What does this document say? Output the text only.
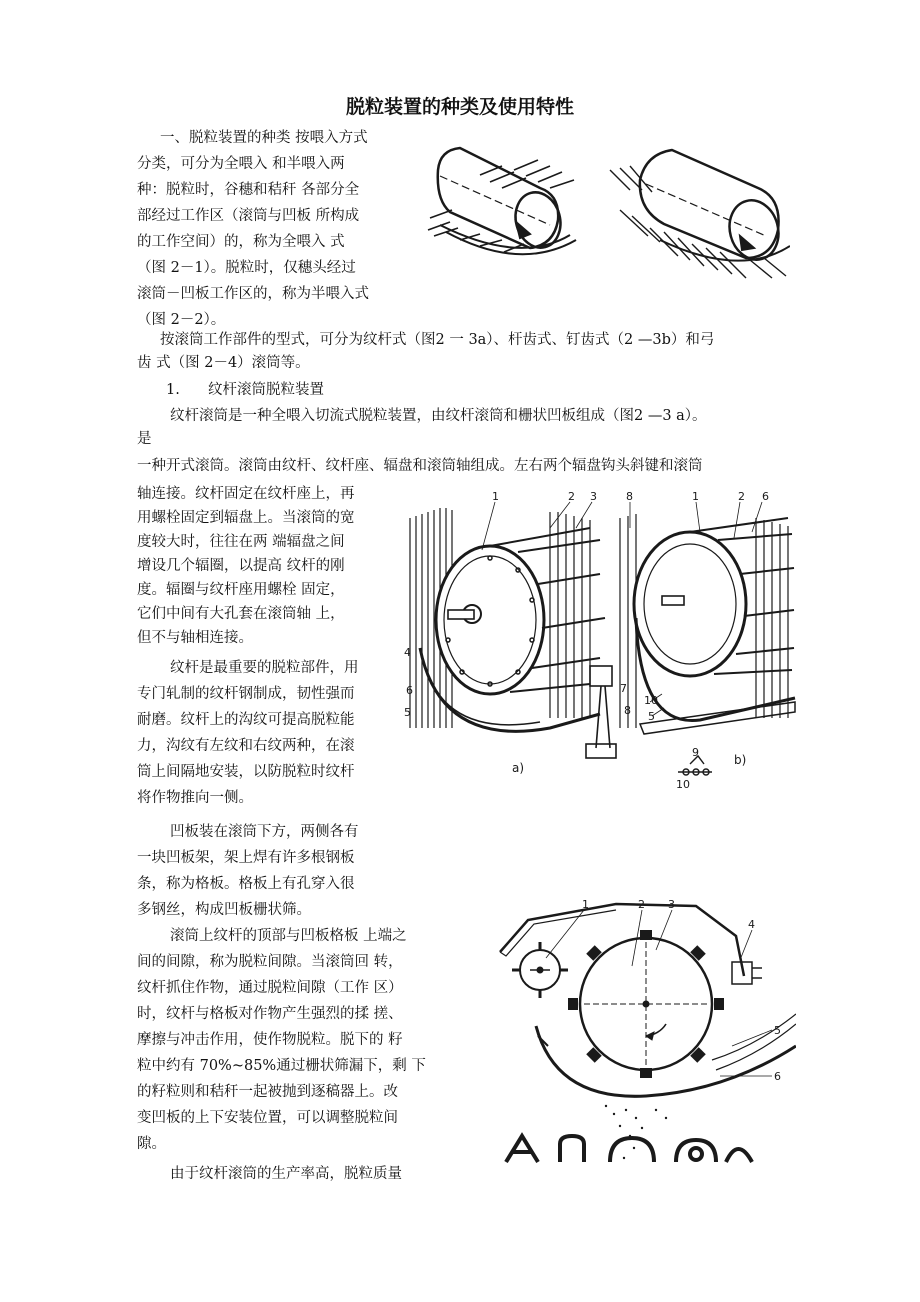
脱粒装置的种类及使用特性
一、脱粒装置的种类 按喂入方式
分类，可分为全喂入 和半喂入两
种：脱粒时，谷穗和秸秆 各部分全
部经过工作区（滚筒与凹板 所构成
的工作空间）的，称为全喂入 式
（图 2－1）。脱粒时，仅穗头经过
滚筒－凹板工作区的，称为半喂入式
（图 2－2）。
按滚筒工作部件的型式，可分为纹杆式（图2 一 3a）、杆齿式、钉齿式（2 —3b）和弓
齿 式（图 2－4）滚筒等。
1. 纹杆滚筒脱粒装置
纹杆滚筒是一种全喂入切流式脱粒装置，由纹杆滚筒和栅状凹板组成（图2 —3 a）。
是
一种开式滚筒。滚筒由纹杆、纹杆座、辐盘和滚筒轴组成。左右两个辐盘钩头斜键和滚筒
轴连接。纹杆固定在纹杆座上，再
用螺栓固定到辐盘上。当滚筒的宽
度较大时，往往在两 端辐盘之间
增设几个辐圈，以提高 纹杆的刚
度。辐圈与纹杆座用螺栓 固定，
它们中间有大孔套在滚筒轴 上，
但不与轴相连接。
纹杆是最重要的脱粒部件，用
专门轧制的纹杆钢制成，韧性强而
耐磨。纹杆上的沟纹可提高脱粒能
力，沟纹有左纹和右纹两种，在滚
筒上间隔地安装，以防脱粒时纹杆
将作物推向一侧。
1	2 3
4
5
6	7
8
8
9
10
1	2 6
10
5
a)
b)
凹板装在滚筒下方，两侧各有
一块凹板架，架上焊有许多根钢板
条，称为格板。格板上有孔穿入很
多钢丝，构成凹板栅状筛。
滚筒上纹杆的顶部与凹板格板 上端之
间的间隙，称为脱粒间隙。当滚筒回 转，
纹杆抓住作物，通过脱粒间隙（工作 区）
时，纹杆与格板对作物产生强烈的揉 搓、
摩擦与冲击作用，使作物脱粒。脱下的 籽
粒中约有 70%~85%通过栅状筛漏下，剩 下
的籽粒则和秸秆一起被抛到逐稿器上。改
变凹板的上下安装位置，可以调整脱粒间
隙。
由于纹杆滚筒的生产率高，脱粒质量
1	2 3
4
5
6
